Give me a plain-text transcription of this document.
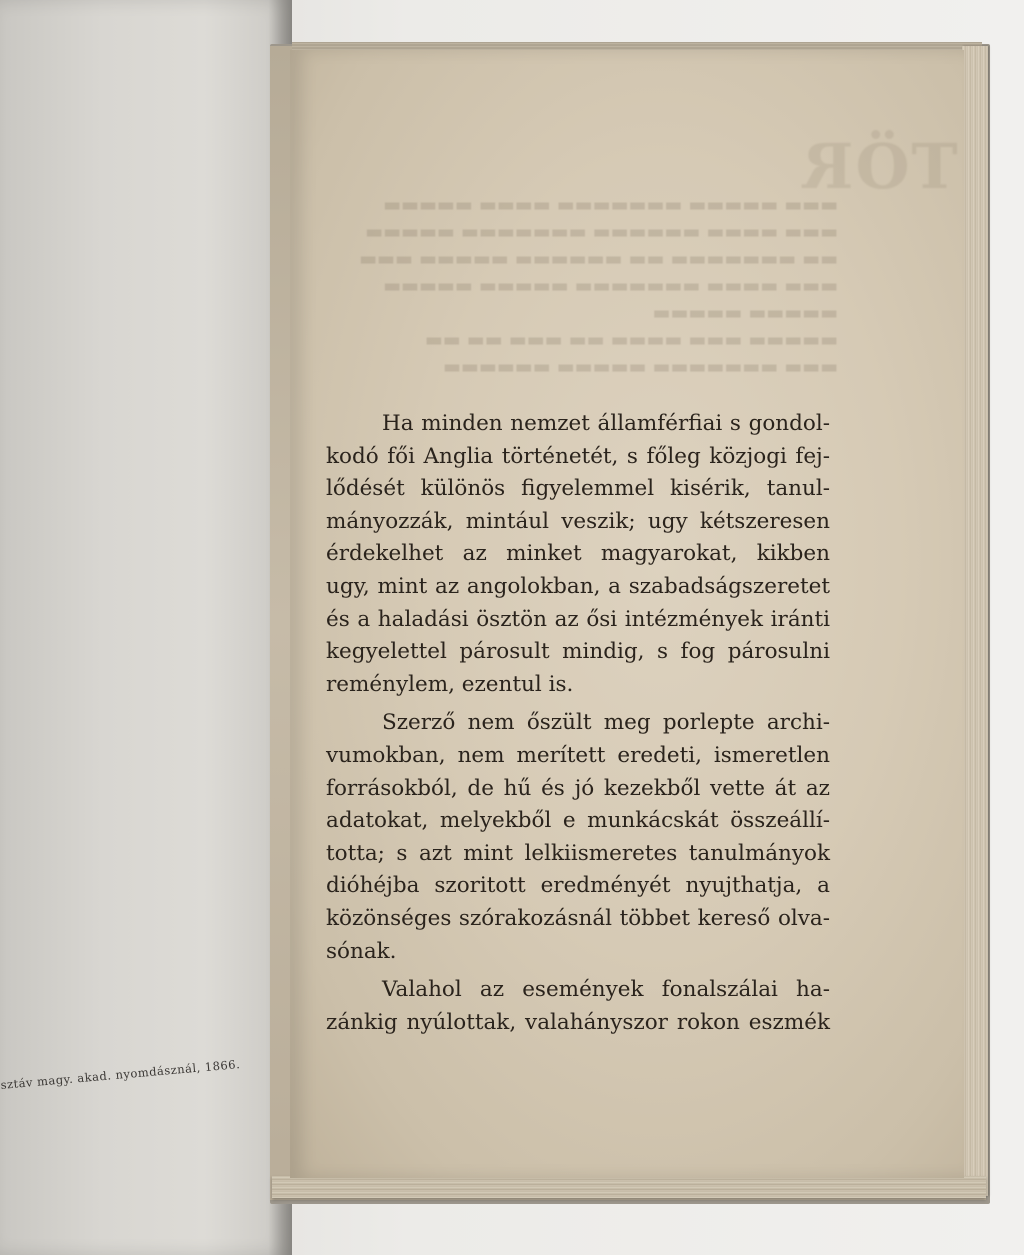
sztáv magy. akad. nyomdásznál, 1866.
TÖR

▬▬▬ ▬▬▬▬▬ ▬▬▬▬▬▬▬ ▬▬▬▬ ▬▬▬▬▬

▬▬▬ ▬▬▬▬ ▬▬▬▬▬▬ ▬▬▬▬▬▬▬ ▬▬▬▬▬

▬▬ ▬▬▬▬▬▬▬ ▬▬ ▬▬▬▬▬▬ ▬▬▬▬▬ ▬▬▬

▬▬▬ ▬▬▬▬ ▬▬▬▬▬▬▬ ▬▬▬▬▬ ▬▬▬▬▬

▬▬▬▬▬ ▬▬▬▬▬

▬▬▬▬▬ ▬▬▬ ▬▬▬▬ ▬▬ ▬▬▬ ▬▬ ▬▬

▬▬▬ ▬▬▬▬▬▬▬ ▬▬▬▬▬ ▬▬▬▬▬▬

Ha minden nemzet államférfiai s gondol-
kodó fői Anglia történetét, s főleg közjogi fej-
lődését különös figyelemmel kisérik, tanul-
mányozzák, mintául veszik; ugy kétszeresen
érdekelhet az minket magyarokat, kikben
ugy, mint az angolokban, a szabadságszeretet
és a haladási ösztön az ősi intézmények iránti
kegyelettel párosult mindig, s fog párosulni
reménylem, ezentul is.
Szerző nem őszült meg porlepte archi-
vumokban, nem merített eredeti, ismeretlen
forrásokból, de hű és jó kezekből vette át az
adatokat, melyekből e munkácskát összeállí-
totta; s azt mint lelkiismeretes tanulmányok
dióhéjba szoritott eredményét nyujthatja, a
közönséges szórakozásnál többet kereső olva-
sónak.
Valahol az események fonalszálai ha-
zánkig nyúlottak, valahányszor rokon eszmék
